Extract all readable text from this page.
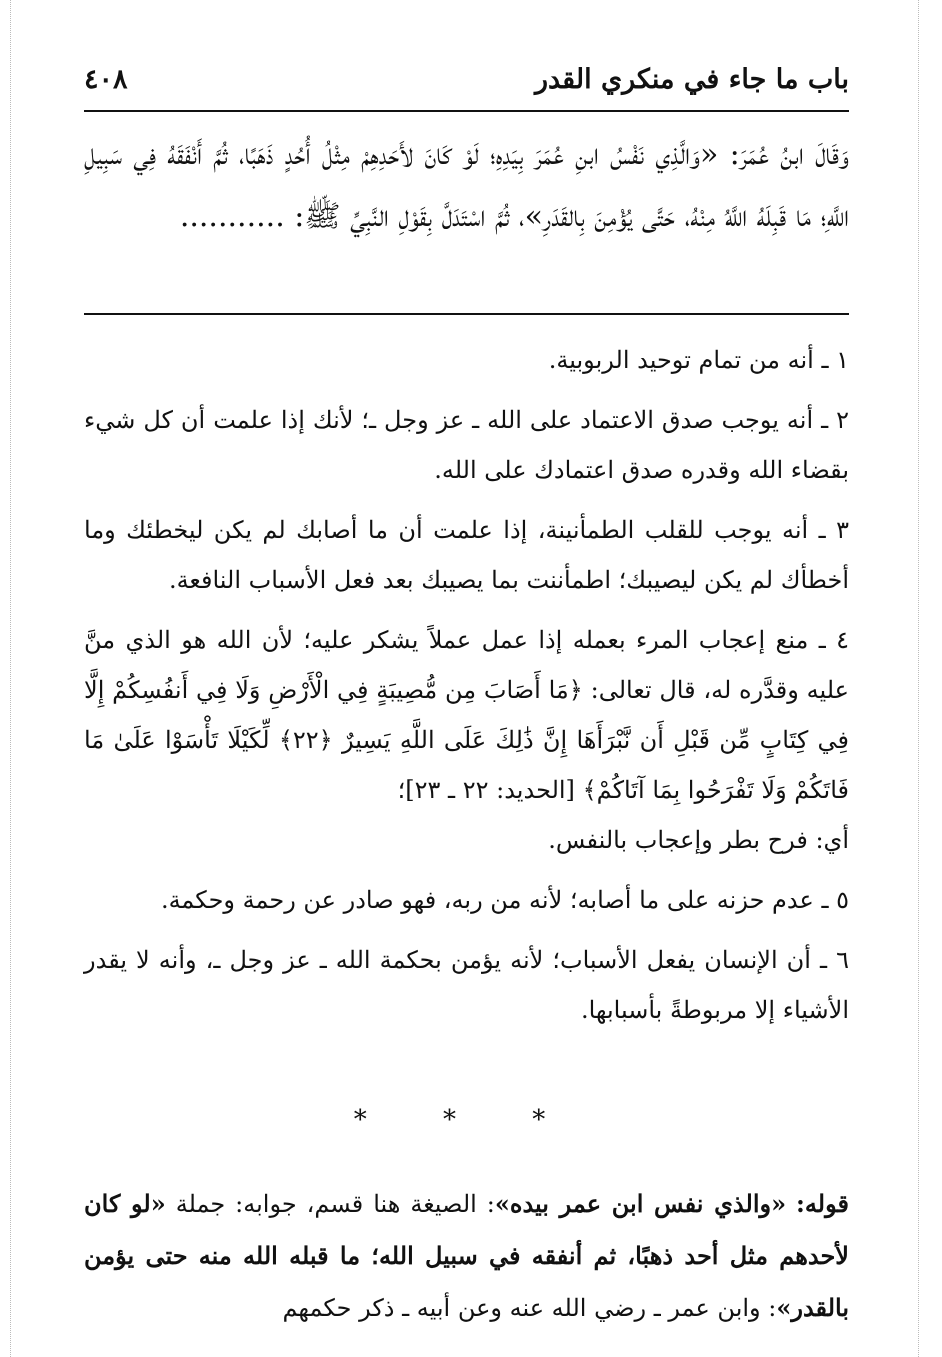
باب ما جاء في منكري القدر
٤٠٨
وَقَالَ ابنُ عُمَرَ: «وَالَّذِي نَفْسُ ابنِ عُمَرَ بِيَدِهِ؛ لَوْ كَانَ لأَحَدِهِمْ مِثْلُ أُحُدٍ ذَهَبًا، ثُمَّ أَنْفَقَهُ فِي سَبِيلِ اللَّهِ؛ مَا قَبِلَهُ اللَّهُ مِنْهُ، حَتَّى يُؤْمِنَ بِالقَدَرِ»، ثُمَّ اسْتَدَلَّ بِقَوْلِ النَّبِيِّ ﷺ: ...........

١ ـ أنه من تمام توحيد الربوبية.

٢ ـ أنه يوجب صدق الاعتماد على الله ـ عز وجل ـ؛ لأنك إذا علمت أن كل شيء بقضاء الله وقدره صدق اعتمادك على الله.

٣ ـ أنه يوجب للقلب الطمأنينة، إذا علمت أن ما أصابك لم يكن ليخطئك وما أخطأك لم يكن ليصيبك؛ اطمأننت بما يصيبك بعد فعل الأسباب النافعة.

٤ ـ منع إعجاب المرء بعمله إذا عمل عملاً يشكر عليه؛ لأن الله هو الذي منَّ عليه وقدَّره له، قال تعالى: ﴿مَا أَصَابَ مِن مُّصِيبَةٍ فِي الْأَرْضِ وَلَا فِي أَنفُسِكُمْ إِلَّا فِي كِتَابٍ مِّن قَبْلِ أَن نَّبْرَأَهَا إِنَّ ذَٰلِكَ عَلَى اللَّهِ يَسِيرٌ ﴿٢٢﴾ لِّكَيْلَا تَأْسَوْا عَلَىٰ مَا فَاتَكُمْ وَلَا تَفْرَحُوا بِمَا آتَاكُمْ﴾ [الحديد: ٢٢ ـ ٢٣]؛
أي: فرح بطر وإعجاب بالنفس.

٥ ـ عدم حزنه على ما أصابه؛ لأنه من ربه، فهو صادر عن رحمة وحكمة.

٦ ـ أن الإنسان يفعل الأسباب؛ لأنه يؤمن بحكمة الله ـ عز وجل ـ، وأنه لا يقدر الأشياء إلا مربوطةً بأسبابها.

* * *
قوله: «والذي نفس ابن عمر بيده»: الصيغة هنا قسم، جوابه: جملة «لو كان لأحدهم مثل أحد ذهبًا، ثم أنفقه في سبيل الله؛ ما قبله الله منه حتى يؤمن بالقدر»: وابن عمر ـ رضي الله عنه وعن أبيه ـ ذكر حكمهم
